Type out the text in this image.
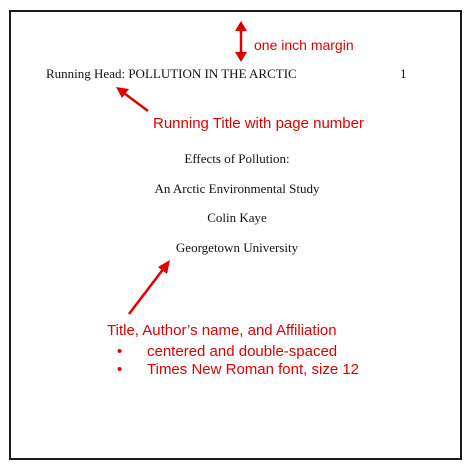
one inch margin
Running Head: POLLUTION IN THE ARCTIC	1
Running Title with page number
Effects of Pollution:
An Arctic Environmental Study
Colin Kaye
Georgetown University
Title, Author’s name, and Affiliation
• centered and double-spaced
• Times New Roman font, size 12
